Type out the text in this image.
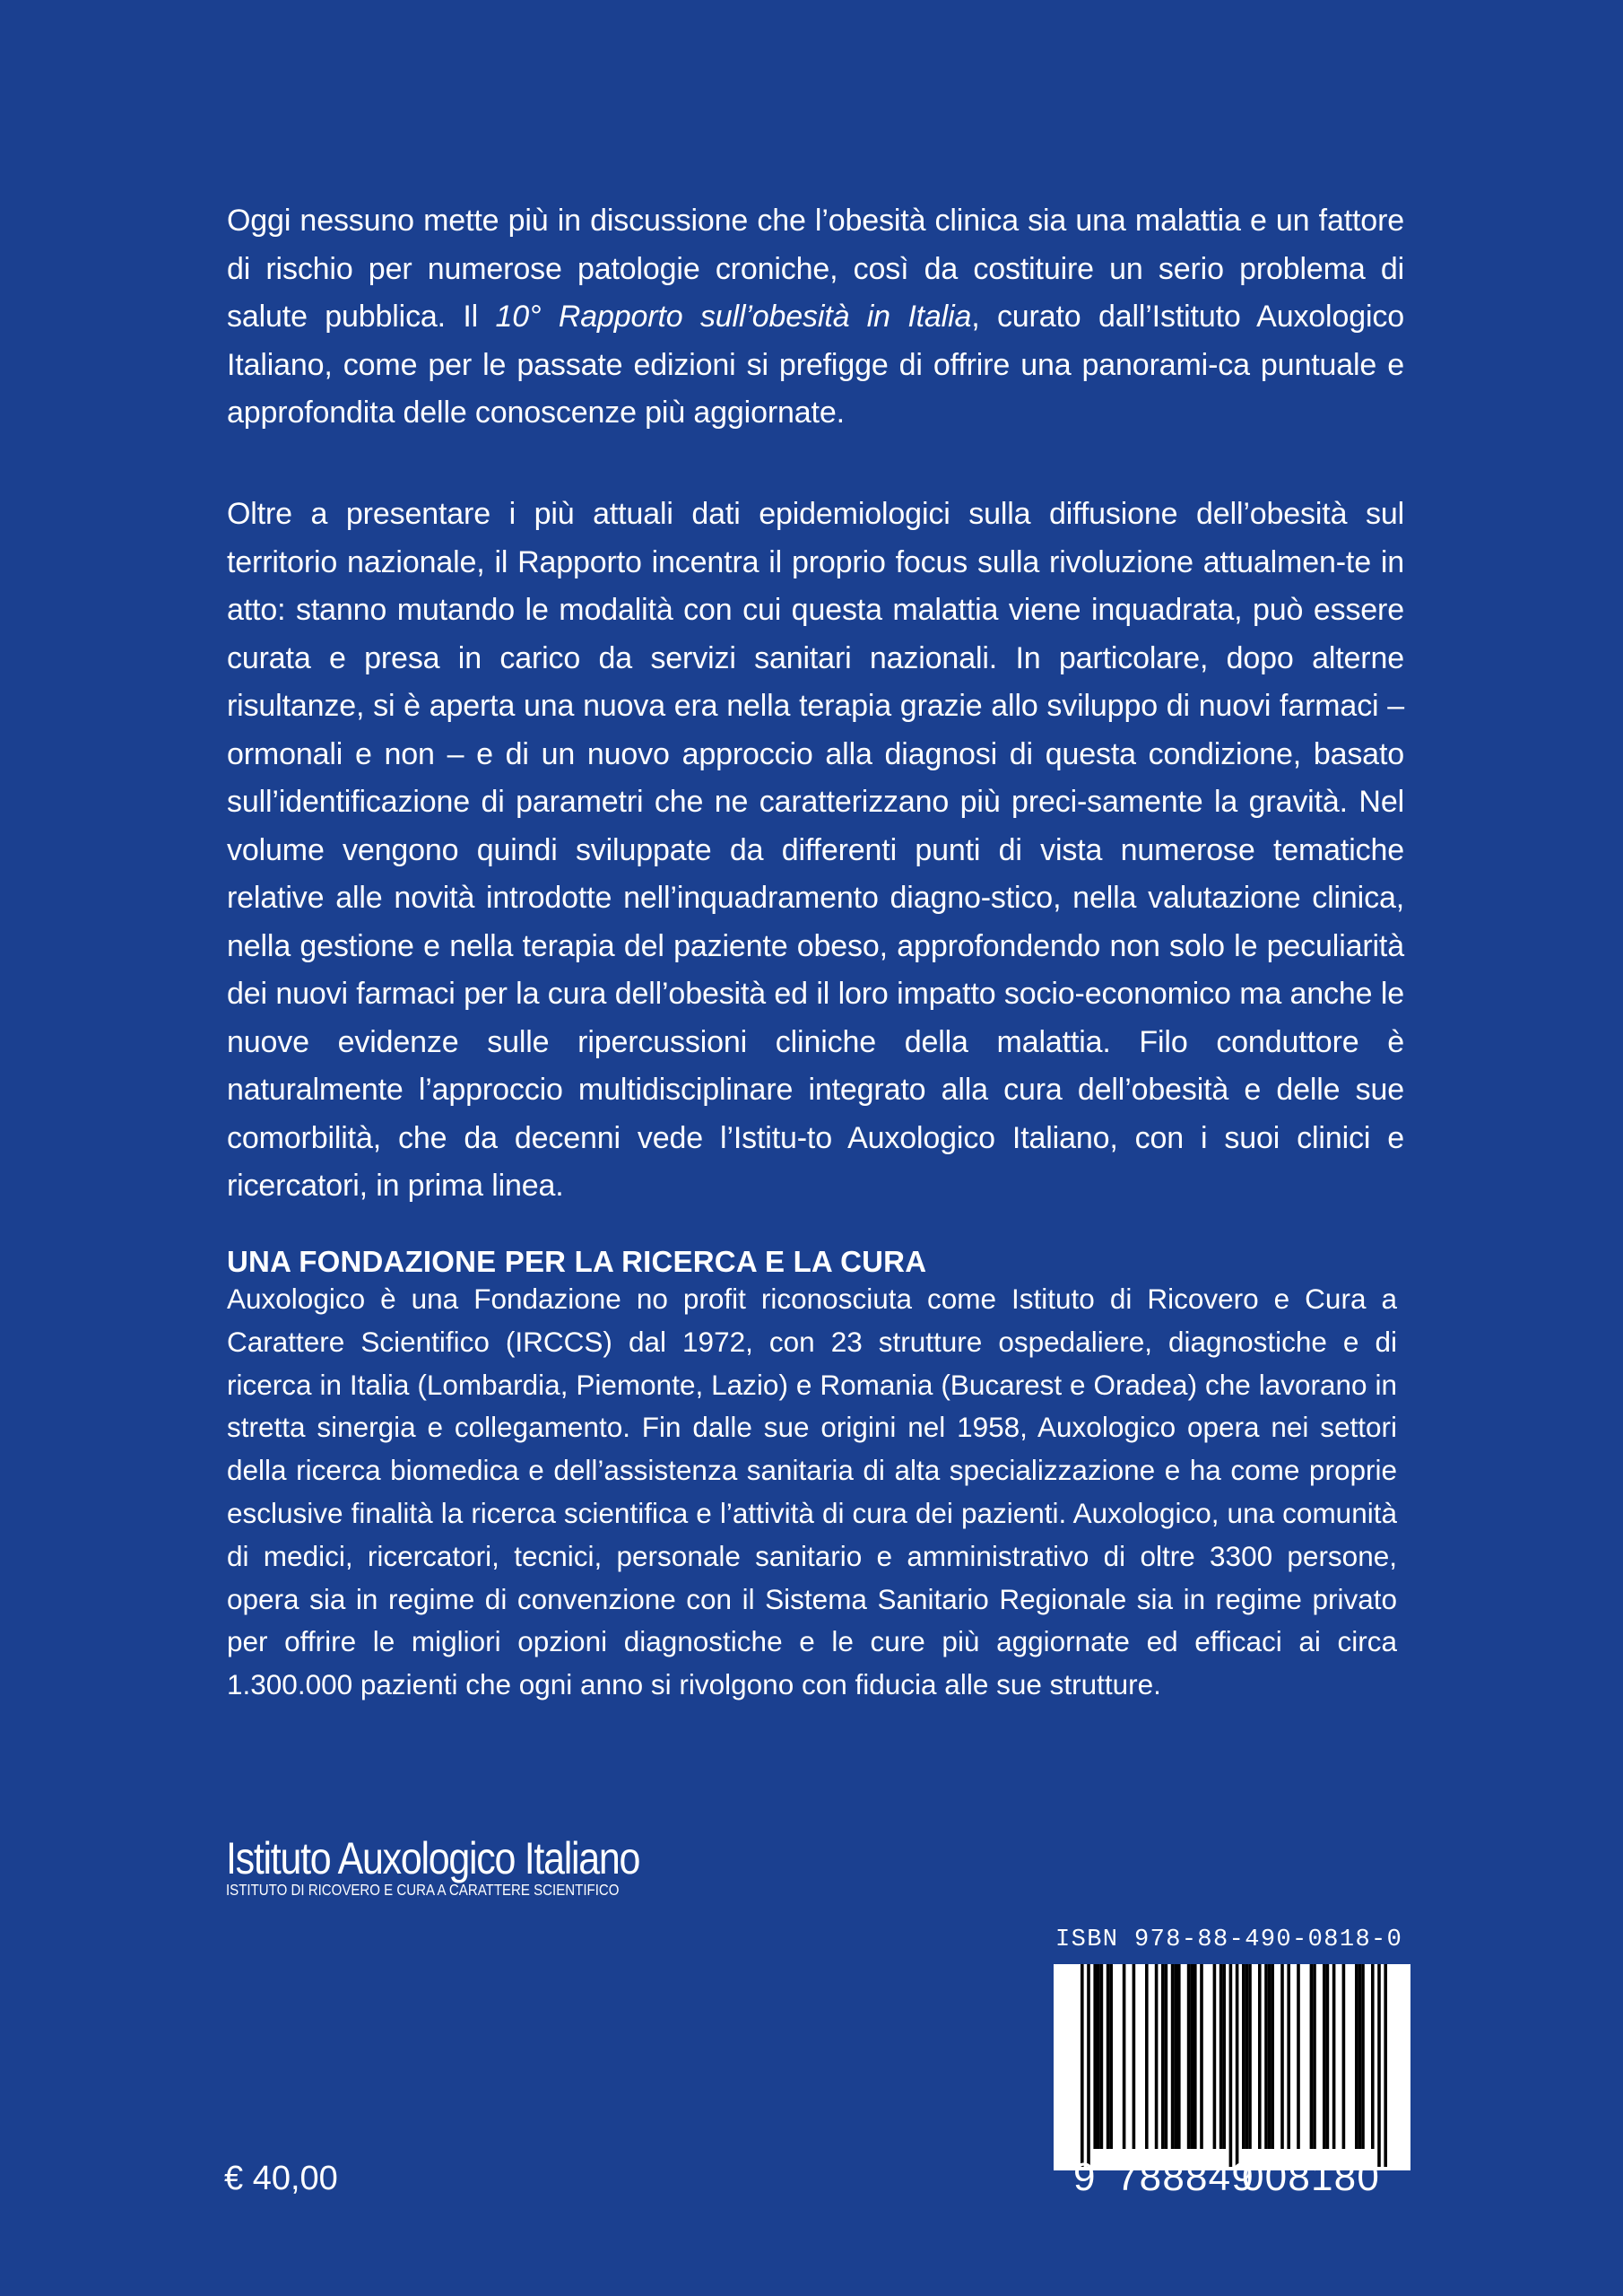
Oggi nessuno mette più in discussione che l’obesità clinica sia una malattia e un fattore di rischio per numerose patologie croniche, così da costituire un serio problema di salute pubblica. Il 10° Rapporto sull’obesità in Italia, curato dall’Istituto Auxologico Italiano, come per le passate edizioni si prefigge di offrire una panorami-ca puntuale e approfondita delle conoscenze più aggiornate.
Oltre a presentare i più attuali dati epidemiologici sulla diffusione dell’obesità sul territorio nazionale, il Rapporto incentra il proprio focus sulla rivoluzione attualmen-te in atto: stanno mutando le modalità con cui questa malattia viene inquadrata, può essere curata e presa in carico da servizi sanitari nazionali. In particolare, dopo alterne risultanze, si è aperta una nuova era nella terapia grazie allo sviluppo di nuovi farmaci – ormonali e non – e di un nuovo approccio alla diagnosi di questa condizione, basato sull’identificazione di parametri che ne caratterizzano più preci-samente la gravità. Nel volume vengono quindi sviluppate da differenti punti di vista numerose tematiche relative alle novità introdotte nell’inquadramento diagno-stico, nella valutazione clinica, nella gestione e nella terapia del paziente obeso, approfondendo non solo le peculiarità dei nuovi farmaci per la cura dell’obesità ed il loro impatto socio-economico ma anche le nuove evidenze sulle ripercussioni cliniche della malattia. Filo conduttore è naturalmente l’approccio multidisciplinare integrato alla cura dell’obesità e delle sue comorbilità, che da decenni vede l’Istitu-to Auxologico Italiano, con i suoi clinici e ricercatori, in prima linea.
UNA FONDAZIONE PER LA RICERCA E LA CURA
Auxologico è una Fondazione no profit riconosciuta come Istituto di Ricovero e Cura a Carattere Scientifico (IRCCS) dal 1972, con 23 strutture ospedaliere, diagnostiche e di ricerca in Italia (Lombardia, Piemonte, Lazio) e Romania (Bucarest e Oradea) che lavorano in stretta sinergia e collegamento. Fin dalle sue origini nel 1958, Auxologico opera nei settori della ricerca biomedica e dell’assistenza sanitaria di alta specializzazione e ha come proprie esclusive finalità la ricerca scientifica e l’attività di cura dei pazienti. Auxologico, una comunità di medici, ricercatori, tecnici, personale sanitario e amministrativo di oltre 3300 persone, opera sia in regime di convenzione con il Sistema Sanitario Regionale sia in regime privato per offrire le migliori opzioni diagnostiche e le cure più aggiornate ed efficaci ai circa 1.300.000 pazienti che ogni anno si rivolgono con fiducia alle sue strutture.
Istituto Auxologico Italiano
ISTITUTO DI RICOVERO E CURA A CARATTERE SCIENTIFICO
€ 40,00
ISBN 978-88-490-0818-0
9 788849
008180
